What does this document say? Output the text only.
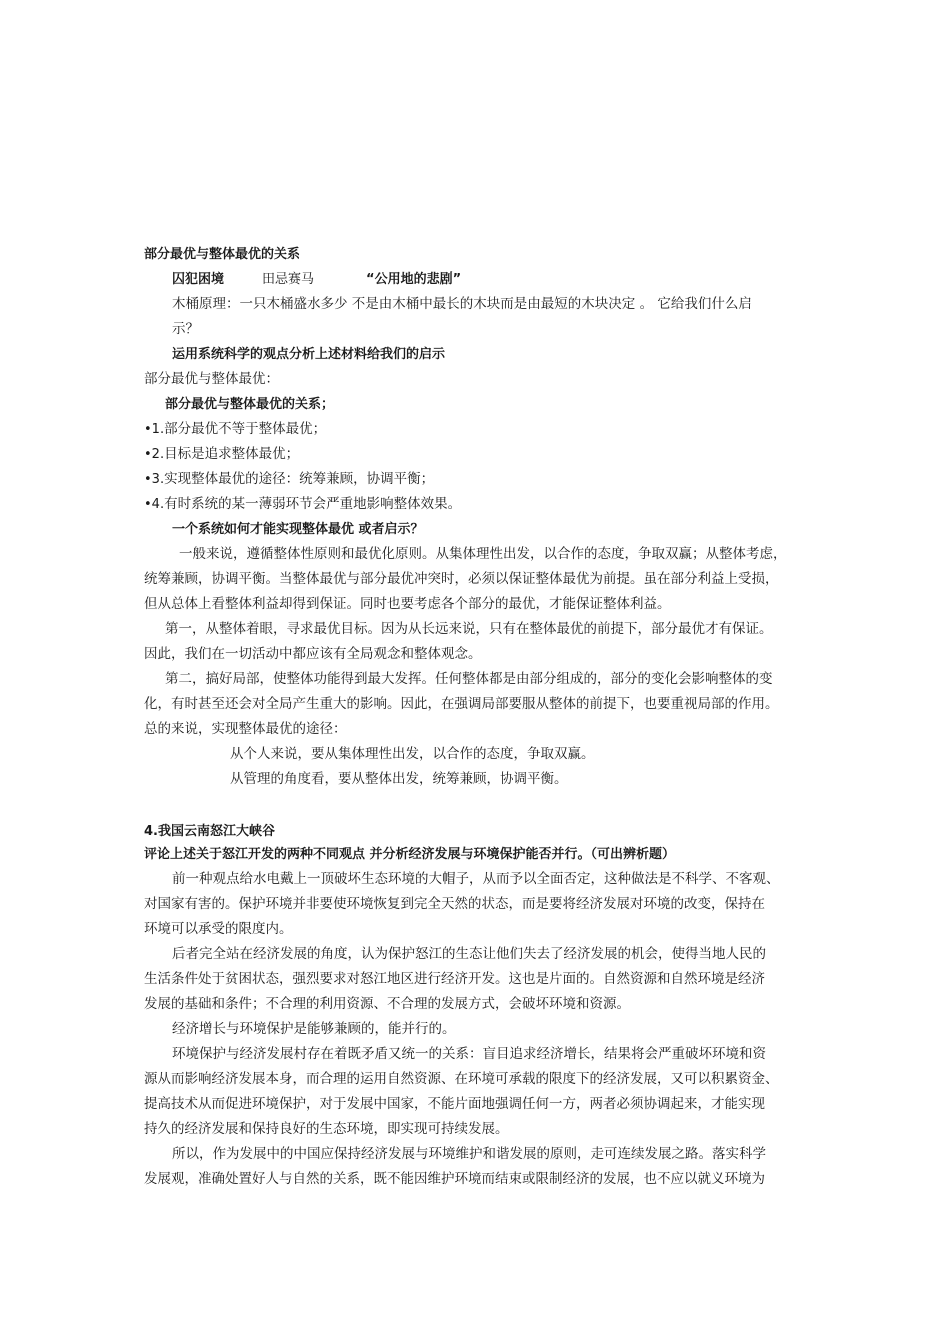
部分最优与整体最优的关系
囚犯困境	田忌赛马	“公用地的悲剧”
木桶原理：一只木桶盛水多少 不是由木桶中最长的木块而是由最短的木块决定 。 它给我们什么启
示？
运用系统科学的观点分析上述材料给我们的启示
部分最优与整体最优：
部分最优与整体最优的关系；
•1.部分最优不等于整体最优；
•2.目标是追求整体最优；
•3.实现整体最优的途径：统筹兼顾，协调平衡；
•4.有时系统的某一薄弱环节会严重地影响整体效果。
一个系统如何才能实现整体最优 或者启示？
一般来说，遵循整体性原则和最优化原则。从集体理性出发，以合作的态度，争取双赢；从整体考虑，
统筹兼顾，协调平衡。当整体最优与部分最优冲突时，必须以保证整体最优为前提。虽在部分利益上受损，
但从总体上看整体利益却得到保证。同时也要考虑各个部分的最优，才能保证整体利益。
第一，从整体着眼，寻求最优目标。因为从长远来说，只有在整体最优的前提下，部分最优才有保证。
因此，我们在一切活动中都应该有全局观念和整体观念。
第二，搞好局部，使整体功能得到最大发挥。任何整体都是由部分组成的，部分的变化会影响整体的变
化，有时甚至还会对全局产生重大的影响。因此，在强调局部要服从整体的前提下，也要重视局部的作用。
总的来说，实现整体最优的途径：
从个人来说，要从集体理性出发，以合作的态度，争取双赢。
从管理的角度看，要从整体出发，统筹兼顾，协调平衡。
4.我国云南怒江大峡谷
评论上述关于怒江开发的两种不同观点 并分析经济发展与环境保护能否并行。（可出辨析题）
前一种观点给水电戴上一顶破坏生态环境的大帽子，从而予以全面否定，这种做法是不科学、不客观、
对国家有害的。保护环境并非要使环境恢复到完全天然的状态，而是要将经济发展对环境的改变，保持在
环境可以承受的限度内。
后者完全站在经济发展的角度，认为保护怒江的生态让他们失去了经济发展的机会，使得当地人民的
生活条件处于贫困状态，强烈要求对怒江地区进行经济开发。这也是片面的。自然资源和自然环境是经济
发展的基础和条件；不合理的利用资源、不合理的发展方式，会破坏环境和资源。
经济增长与环境保护是能够兼顾的，能并行的。
环境保护与经济发展村存在着既矛盾又统一的关系：盲目追求经济增长，结果将会严重破坏环境和资
源从而影响经济发展本身，而合理的运用自然资源、在环境可承载的限度下的经济发展，又可以积累资金、
提高技术从而促进环境保护，对于发展中国家，不能片面地强调任何一方，两者必须协调起来，才能实现
持久的经济发展和保持良好的生态环境，即实现可持续发展。
所以，作为发展中的中国应保持经济发展与环境维护和谐发展的原则，走可连续发展之路。落实科学
发展观，准确处置好人与自然的关系，既不能因维护环境而结束或限制经济的发展，也不应以就义环境为
